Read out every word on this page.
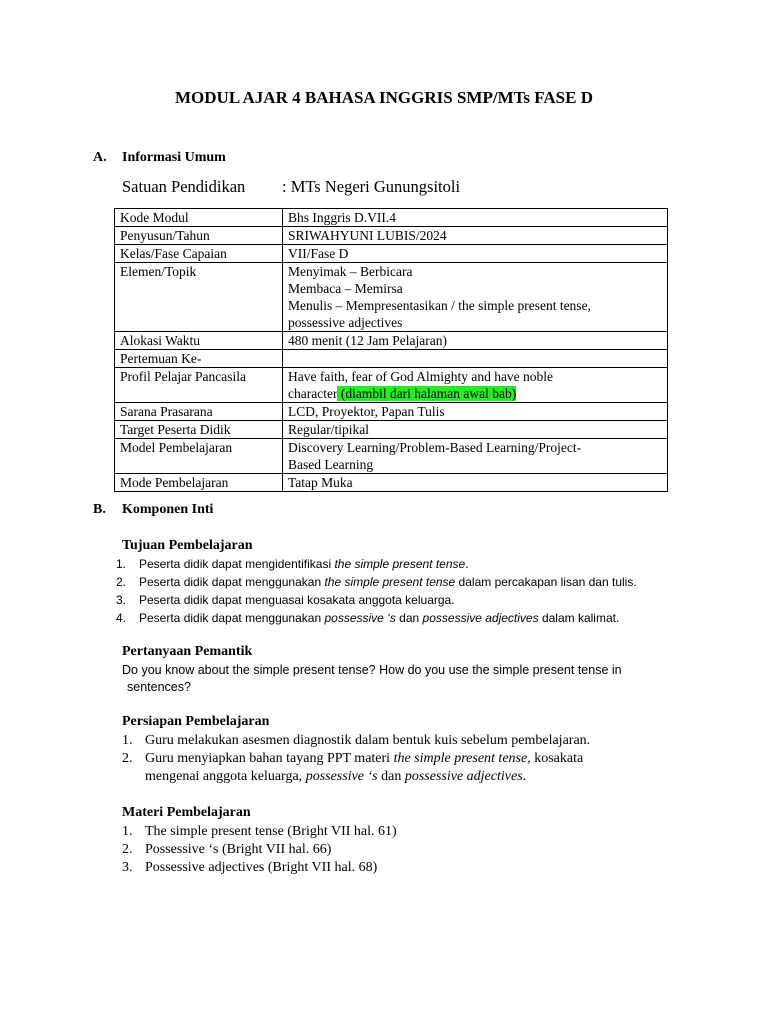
MODUL AJAR 4 BAHASA INGGRIS SMP/MTs FASE D
A. Informasi Umum
Satuan Pendidikan : MTs Negeri Gunungsitoli
Kode Modul	Bhs Inggris D.VII.4
Penyusun/Tahun	SRIWAHYUNI LUBIS/2024
Kelas/Fase Capaian	VII/Fase D
Elemen/Topik	Menyimak – Berbicara
Membaca – Memirsa
Menulis – Mempresentasikan / the simple present tense,
possessive adjectives

Alokasi Waktu	480 menit (12 Jam Pelajaran)
Pertemuan Ke-	
Profil Pelajar Pancasila	Have faith, fear of God Almighty and have noble
character (diambil dari halaman awal bab)

Sarana Prasarana	LCD, Proyektor, Papan Tulis
Target Peserta Didik	Regular/tipikal
Model Pembelajaran	Discovery Learning/Problem-Based Learning/Project-
Based Learning

Mode Pembelajaran	Tatap Muka
B. Komponen Inti
Tujuan Pembelajaran
1. Peserta didik dapat mengidentifikasi the simple present tense.
2. Peserta didik dapat menggunakan the simple present tense dalam percakapan lisan dan tulis.
3. Peserta didik dapat menguasai kosakata anggota keluarga.
4. Peserta didik dapat menggunakan possessive ‘s dan possessive adjectives dalam kalimat.
Pertanyaan Pemantik
Do you know about the simple present tense? How do you use the simple present tense in
sentences?
Persiapan Pembelajaran
1. Guru melakukan asesmen diagnostik dalam bentuk kuis sebelum pembelajaran.
2. Guru menyiapkan bahan tayang PPT materi the simple present tense, kosakata
mengenai anggota keluarga, possessive ‘s dan possessive adjectives.
Materi Pembelajaran
1. The simple present tense (Bright VII hal. 61)
2. Possessive ‘s (Bright VII hal. 66)
3. Possessive adjectives (Bright VII hal. 68)
